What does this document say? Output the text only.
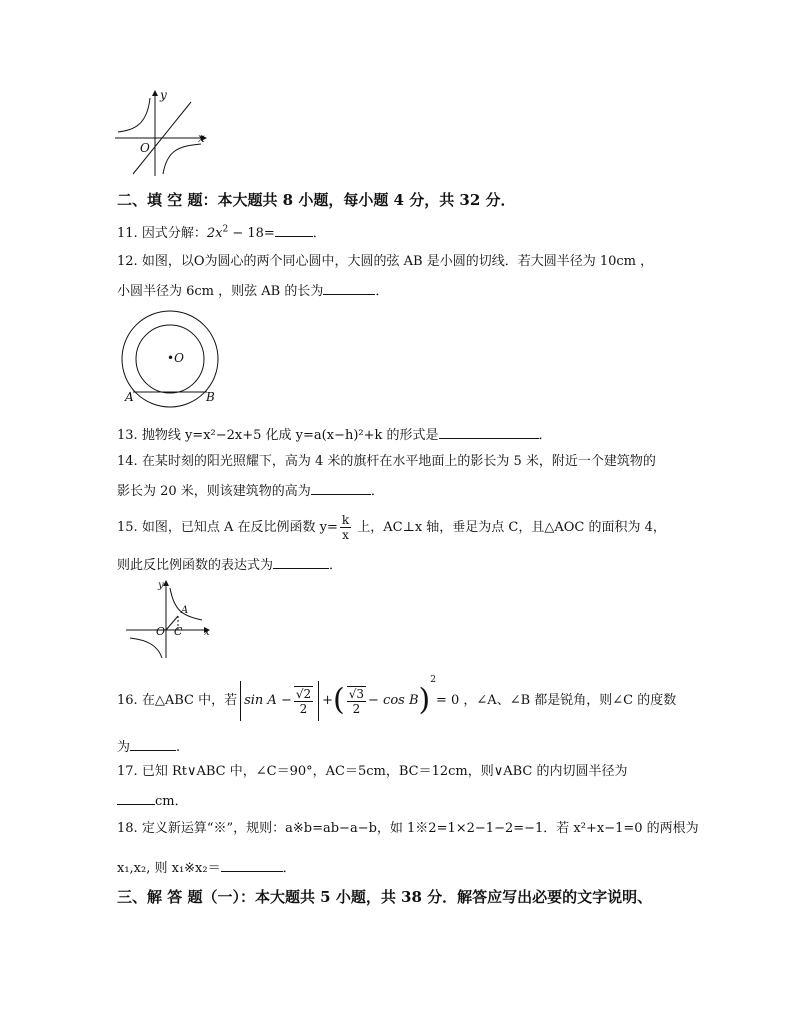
y
x
O
二、填 空 题：本大题共 8 小题，每小题 4 分，共 32 分．
11. 因式分解：$2x^2 - 18=$	．
12. 如图，以O为圆心的两个同心圆中，大圆的弦 AB 是小圆的切线．若大圆半径为 10cm ，
小圆半径为 6cm ，则弦 AB 的长为	．
•O
A	B
13. 抛物线 y=x²−2x+5 化成 y=a(x−h)²+k 的形式是	．
14. 在某时刻的阳光照耀下，高为 4 米的旗杆在水平地面上的影长为 5 米，附近一个建筑物的
影长为 20 米，则该建筑物的高为	．
15. 如图，已知点 A 在反比例函数 $y= \frac{k}{x}$ 上，AC⊥x 轴，垂足为点 C，且△AOC 的面积为 4，
则此反比例函数的表达式为	．
y
x
O C
A
16. 在△ABC 中，若 $\sin A - \frac{√2}{2}$ +( $\frac{√3}{2} - \cos B)^2= 0$ ，∠A、∠B 都是锐角，则∠C 的度数
为	.
17. 已知 Rt∨ABC 中，∠C＝90°，AC＝5cm，BC＝12cm，则∨ABC 的内切圆半径为
cm．
18. 定义新运算“※”，规则：a※b=ab−a−b，如 1※2=1×2−1−2=−1．若 x²+x−1=0 的两根为
x₁,x₂, 则 x₁※x₂＝	．
三、解 答 题（一）：本大题共 5 小题，共 38 分．解答应写出必要的文字说明、
